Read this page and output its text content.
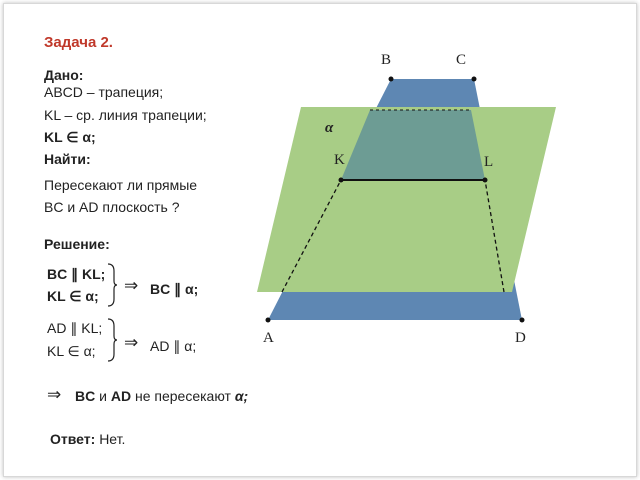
Задача 2.
Дано:
ABCD – трапеция;
KL – ср. линия трапеции;
KL ∈ α;
Найти:
Пересекают ли прямые
BC и AD плоскость ?
Решение:
BC ∥ KL;
KL ∈ α;
⇒ BC ∥ α;
AD ∥ KL;
KL ∈ α; ⇒ AD ∥ α;
⇒ BC и AD не пересекают α;
Ответ: Нет.
B	C
K	L
A	D
α
